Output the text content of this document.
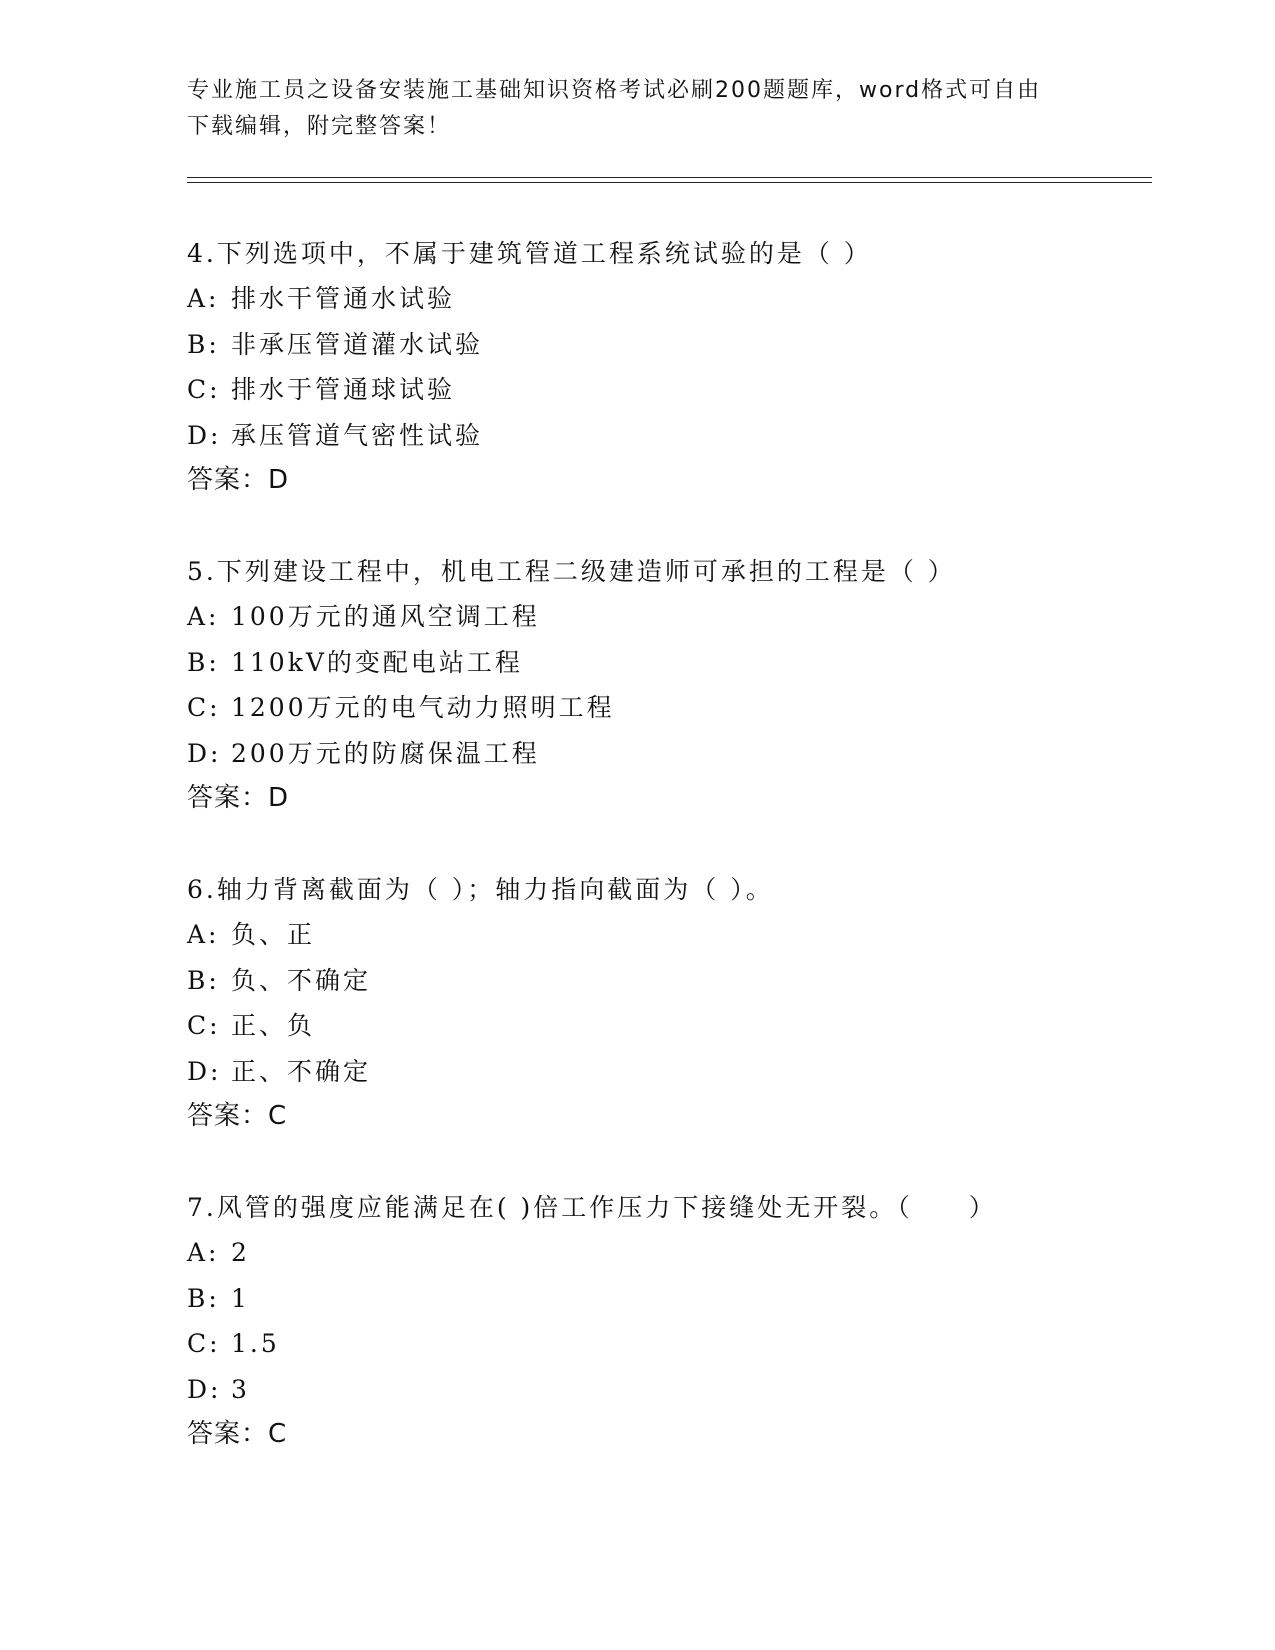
专业施工员之设备安装施工基础知识资格考试必刷200题题库，word格式可自由
下载编辑，附完整答案！
4.下列选项中，不属于建筑管道工程系统试验的是（ ）
A: 排水干管通水试验
B: 非承压管道灌水试验
C: 排水于管通球试验
D: 承压管道气密性试验
答案：D
5.下列建设工程中，机电工程二级建造师可承担的工程是（ ）
A: 100万元的通风空调工程
B: 110kV的变配电站工程
C: 1200万元的电气动力照明工程
D: 200万元的防腐保温工程
答案：D
6.轴力背离截面为（ ）；轴力指向截面为（ ）。
A: 负、正
B: 负、不确定
C: 正、负
D: 正、不确定
答案：C
7.风管的强度应能满足在( )倍工作压力下接缝处无开裂。（　　）
A: 2
B: 1
C: 1.5
D: 3
答案：C
